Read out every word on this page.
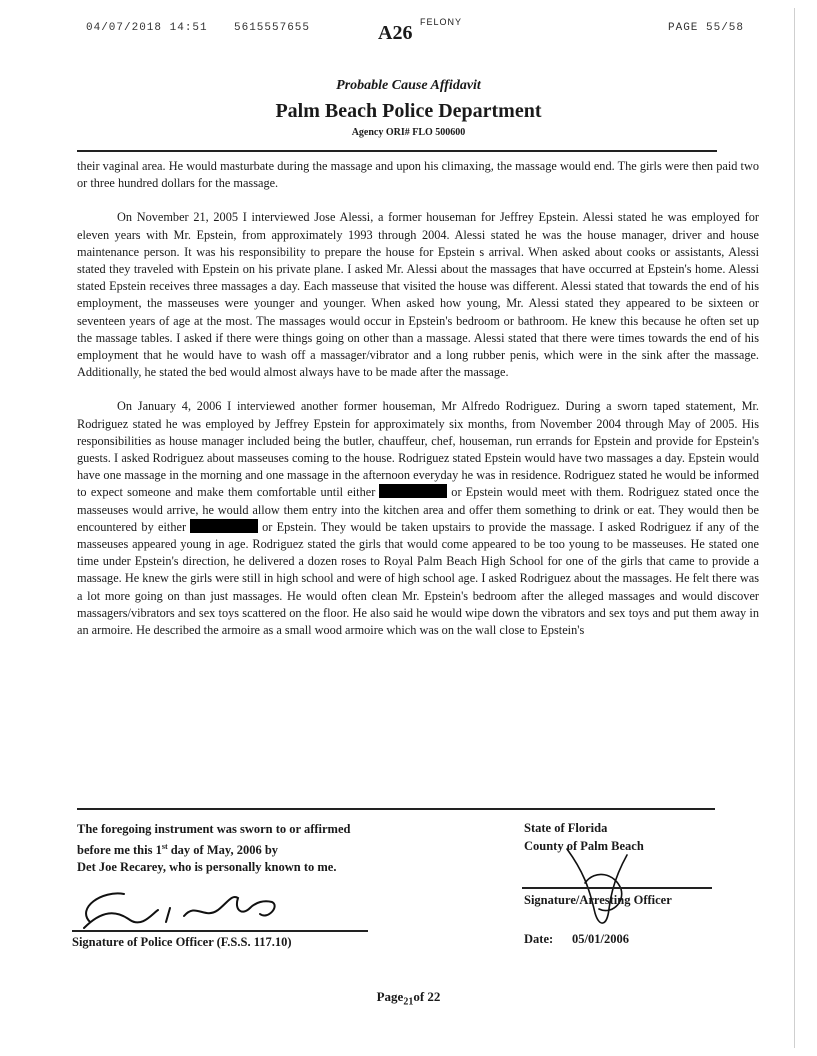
04/07/2018 14:51 5615557655	PAGE 55/58
A26 FELONY
Probable Cause Affidavit
Palm Beach Police Department
Agency ORI# FLO 500600

their vaginal area. He would masturbate during the massage and upon his climaxing, the massage would end. The girls were then paid two or three hundred dollars for the massage.

On November 21, 2005 I interviewed Jose Alessi, a former houseman for Jeffrey Epstein. Alessi stated he was employed for eleven years with Mr. Epstein, from approximately 1993 through 2004. Alessi stated he was the house manager, driver and house maintenance person. It was his responsibility to prepare the house for Epstein s arrival. When asked about cooks or assistants, Alessi stated they traveled with Epstein on his private plane. I asked Mr. Alessi about the massages that have occurred at Epstein's home. Alessi stated Epstein receives three massages a day. Each masseuse that visited the house was different. Alessi stated that towards the end of his employment, the masseuses were younger and younger. When asked how young, Mr. Alessi stated they appeared to be sixteen or seventeen years of age at the most. The massages would occur in Epstein's bedroom or bathroom. He knew this because he often set up the massage tables. I asked if there were things going on other than a massage. Alessi stated that there were times towards the end of his employment that he would have to wash off a massager/vibrator and a long rubber penis, which were in the sink after the massage. Additionally, he stated the bed would almost always have to be made after the massage.

On January 4, 2006 I interviewed another former houseman, Mr Alfredo Rodriguez. During a sworn taped statement, Mr. Rodriguez stated he was employed by Jeffrey Epstein for approximately six months, from November 2004 through May of 2005. His responsibilities as house manager included being the butler, chauffeur, chef, houseman, run errands for Epstein and provide for Epstein's guests. I asked Rodriguez about masseuses coming to the house. Rodriguez stated Epstein would have two massages a day. Epstein would have one massage in the morning and one massage in the afternoon everyday he was in residence. Rodriguez stated he would be informed to expect someone and make them comfortable until either	or Epstein would meet with them. Rodriguez stated once the masseuses would arrive, he would allow them entry into the kitchen area and offer them something to drink or eat. They would then be encountered by either	or Epstein. They would be taken upstairs to provide the massage. I asked Rodriguez if any of the masseuses appeared young in age. Rodriguez stated the girls that would come appeared to be too young to be masseuses. He stated one time under Epstein's direction, he delivered a dozen roses to Royal Palm Beach High School for one of the girls that came to provide a massage. He knew the girls were still in high school and were of high school age. I asked Rodriguez about the massages. He felt there was a lot more going on than just massages. He would often clean Mr. Epstein's bedroom after the alleged massages and would discover massagers/vibrators and sex toys scattered on the floor. He also said he would wipe down the vibrators and sex toys and put them away in an armoire. He described the armoire as a small wood armoire which was on the wall close to Epstein's

The foregoing instrument was sworn to or affirmed
before me this 1st day of May, 2006 by
Det Joe Recarey, who is personally known to me.
Signature of Police Officer (F.S.S. 117.10)
State of Florida
County of Palm Beach
Signature/Arresting Officer
Date: 05/01/2006
Page$_{21}$of 22
